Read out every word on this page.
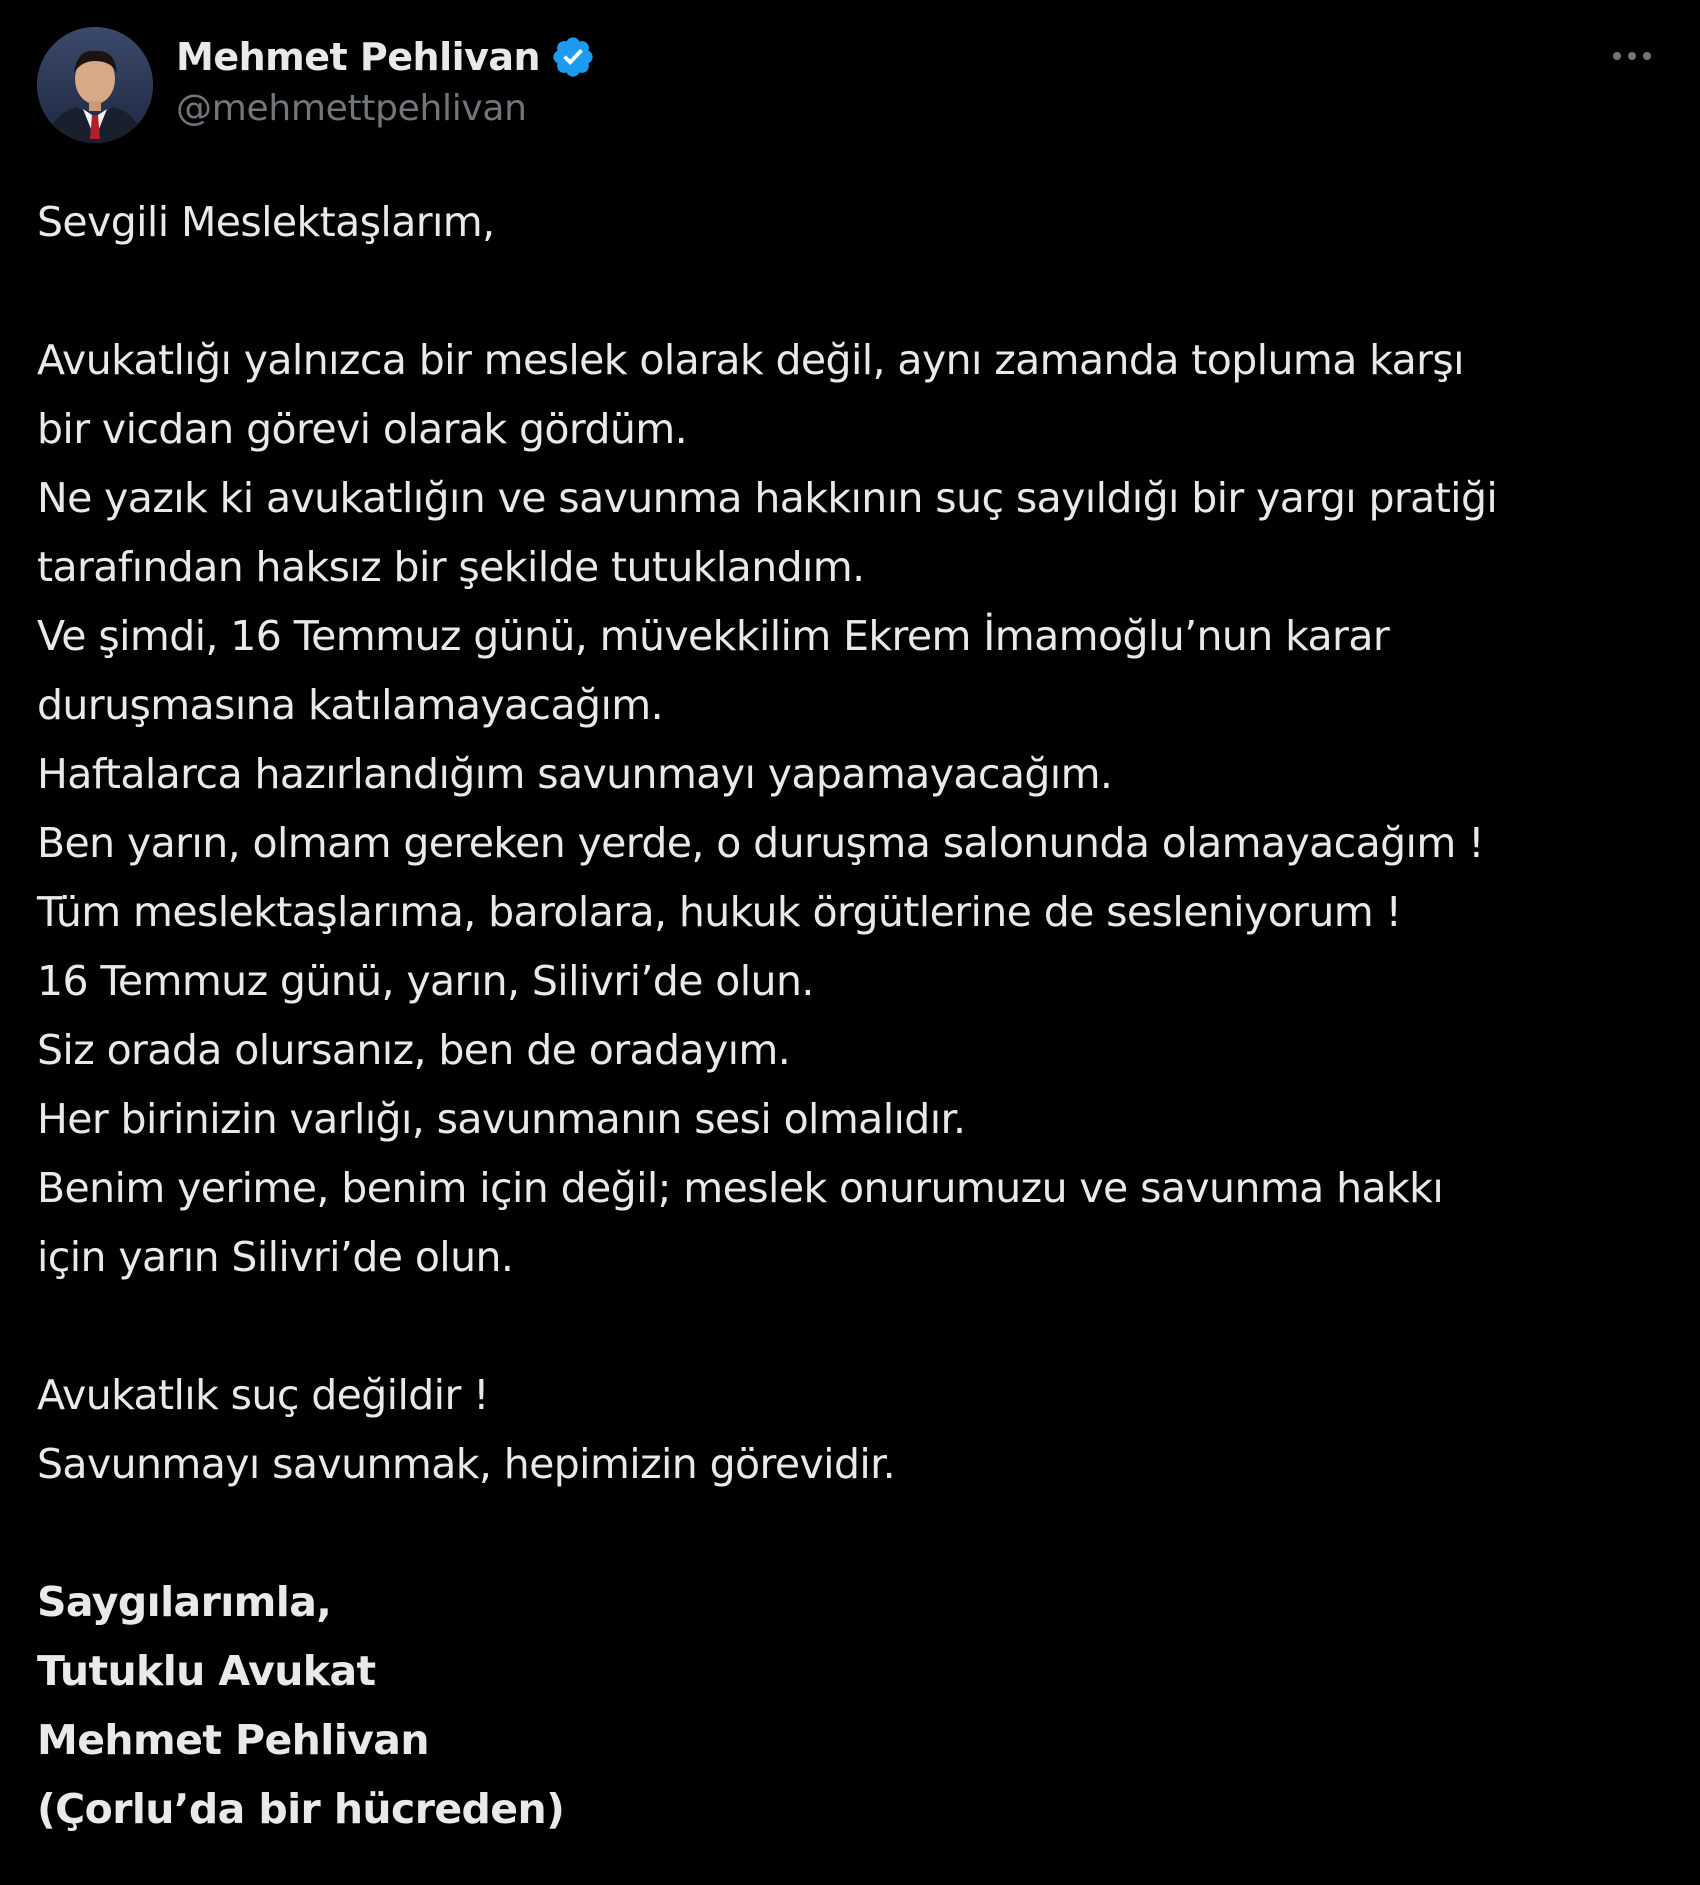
Mehmet Pehlivan
@mehmettpehlivan
Sevgili Meslektaşlarım,
Avukatlığı yalnızca bir meslek olarak değil, aynı zamanda topluma karşı
bir vicdan görevi olarak gördüm.
Ne yazık ki avukatlığın ve savunma hakkının suç sayıldığı bir yargı pratiği
tarafından haksız bir şekilde tutuklandım.
Ve şimdi, 16 Temmuz günü, müvekkilim Ekrem İmamoğlu’nun karar
duruşmasına katılamayacağım.
Haftalarca hazırlandığım savunmayı yapamayacağım.
Ben yarın, olmam gereken yerde, o duruşma salonunda olamayacağım !
Tüm meslektaşlarıma, barolara, hukuk örgütlerine de sesleniyorum !
16 Temmuz günü, yarın, Silivri’de olun.
Siz orada olursanız, ben de oradayım.
Her birinizin varlığı, savunmanın sesi olmalıdır.
Benim yerime, benim için değil; meslek onurumuzu ve savunma hakkı
için yarın Silivri’de olun.
Avukatlık suç değildir !
Savunmayı savunmak, hepimizin görevidir.
Saygılarımla,
Tutuklu Avukat
Mehmet Pehlivan
(Çorlu’da bir hücreden)
